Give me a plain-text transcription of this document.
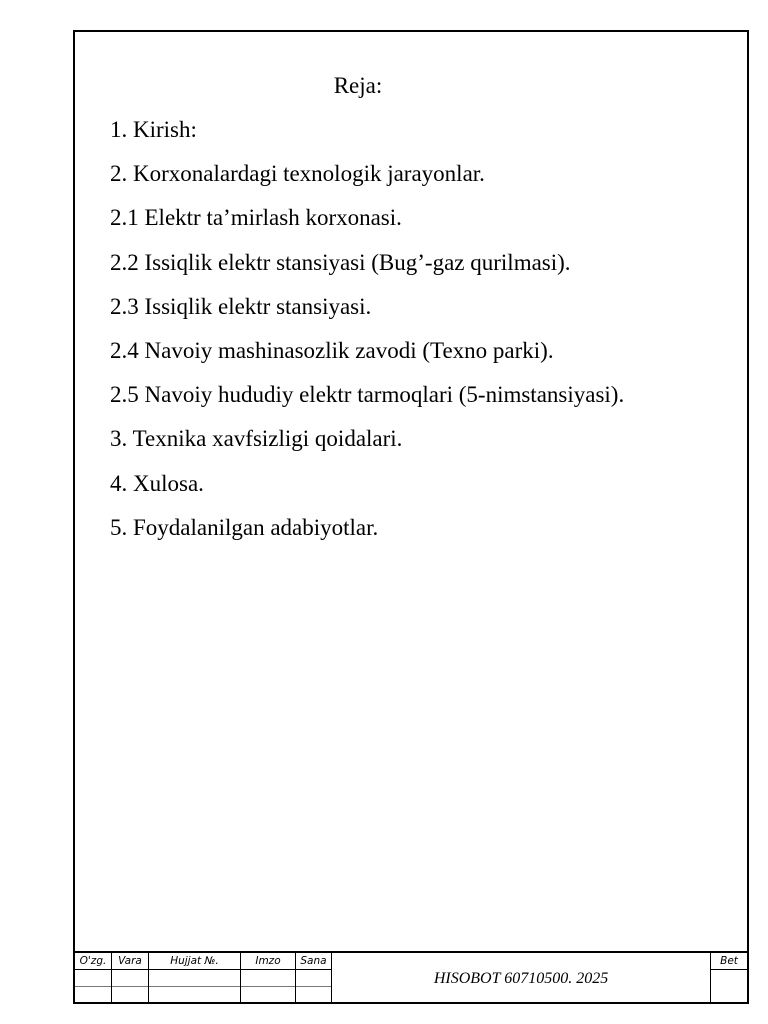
Reja:
1. Kirish:
2. Korxonalardagi texnologik jarayonlar.
2.1 Elektr ta’mirlash korxonasi.
2.2 Issiqlik elektr stansiyasi (Bug’-gaz qurilmasi).
2.3 Issiqlik elektr stansiyasi.
2.4 Navoiy mashinasozlik zavodi (Texno parki).
2.5 Navoiy hududiy elektr tarmoqlari (5-nimstansiyasi).
3. Texnika xavfsizligi qoidalari.
4. Xulosa.
5. Foydalanilgan adabiyotlar.
O'zg.	Vara	Hujjat №.	Imzo	Sana
HISOBOT 60710500. 2025
Bet
